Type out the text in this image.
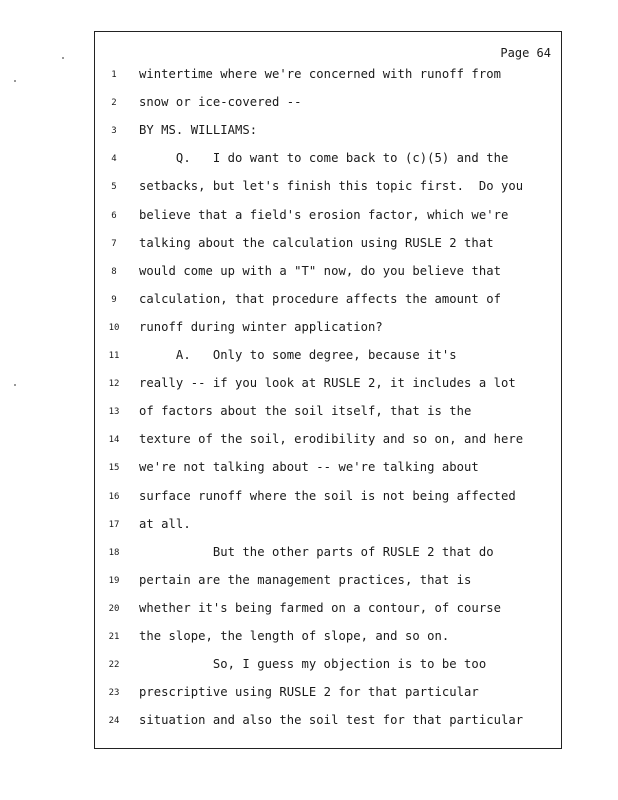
Page 64
1	wintertime where we're concerned with runoff from
2	snow or ice-covered --
3	BY MS. WILLIAMS:
4	Q.   I do want to come back to (c)(5) and the
5	setbacks, but let's finish this topic first.  Do you
6	believe that a field's erosion factor, which we're
7	talking about the calculation using RUSLE 2 that
8	would come up with a "T" now, do you believe that
9	calculation, that procedure affects the amount of
10	runoff during winter application?
11	A.   Only to some degree, because it's
12	really -- if you look at RUSLE 2, it includes a lot
13	of factors about the soil itself, that is the
14	texture of the soil, erodibility and so on, and here
15	we're not talking about -- we're talking about
16	surface runoff where the soil is not being affected
17	at all.
18	But the other parts of RUSLE 2 that do
19	pertain are the management practices, that is
20	whether it's being farmed on a contour, of course
21	the slope, the length of slope, and so on.
22	So, I guess my objection is to be too
23	prescriptive using RUSLE 2 for that particular
24	situation and also the soil test for that particular
